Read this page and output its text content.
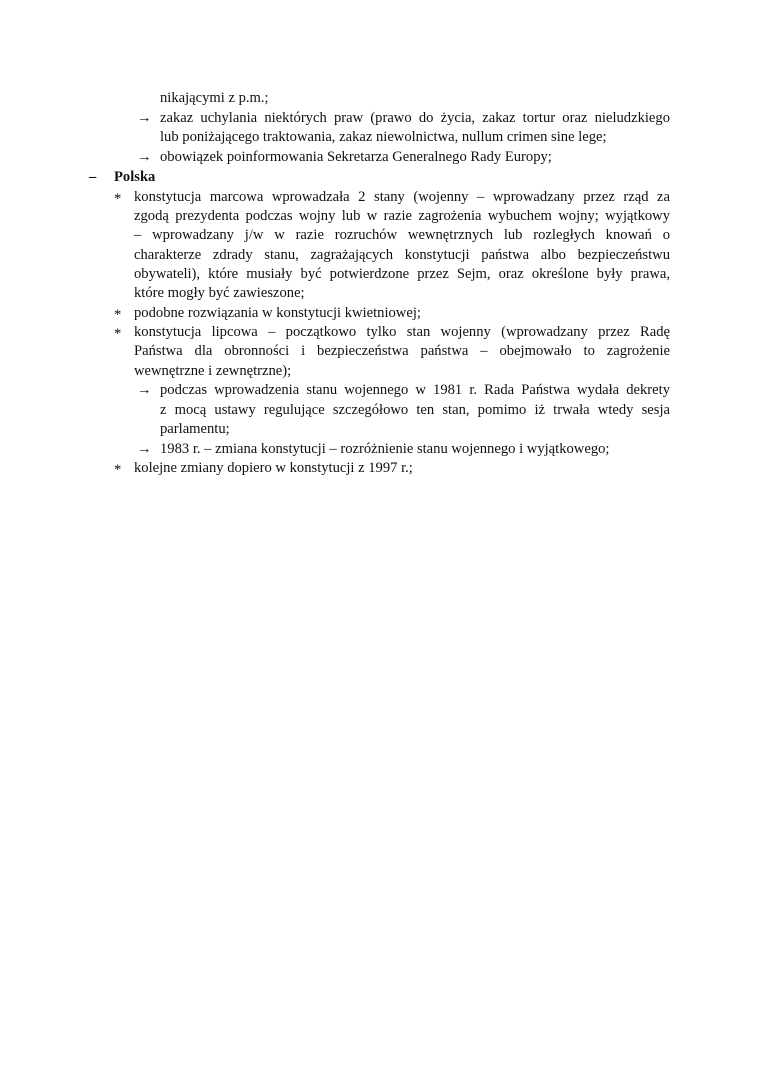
nikającymi z p.m.;
→ zakaz uchylania niektórych praw (prawo do życia, zakaz tortur oraz nieludzkiego
lub poniżającego traktowania, zakaz niewolnictwa, nullum crimen sine lege;
→ obowiązek poinformowania Sekretarza Generalnego Rady Europy;
– Polska
* konstytucja marcowa wprowadzała 2 stany (wojenny – wprowadzany przez rząd za
zgodą prezydenta podczas wojny lub w razie zagrożenia wybuchem wojny; wyjątkowy
– wprowadzany j/w w razie rozruchów wewnętrznych lub rozległych knowań o
charakterze zdrady stanu, zagrażających konstytucji państwa albo bezpieczeństwu
obywateli), które musiały być potwierdzone przez Sejm, oraz określone były prawa,
które mogły być zawieszone;
* podobne rozwiązania w konstytucji kwietniowej;
* konstytucja lipcowa – początkowo tylko stan wojenny (wprowadzany przez Radę
Państwa dla obronności i bezpieczeństwa państwa – obejmowało to zagrożenie
wewnętrzne i zewnętrzne);
→ podczas wprowadzenia stanu wojennego w 1981 r. Rada Państwa wydała dekrety
z mocą ustawy regulujące szczegółowo ten stan, pomimo iż trwała wtedy sesja
parlamentu;
→ 1983 r. – zmiana konstytucji – rozróżnienie stanu wojennego i wyjątkowego;
* kolejne zmiany dopiero w konstytucji z 1997 r.;
